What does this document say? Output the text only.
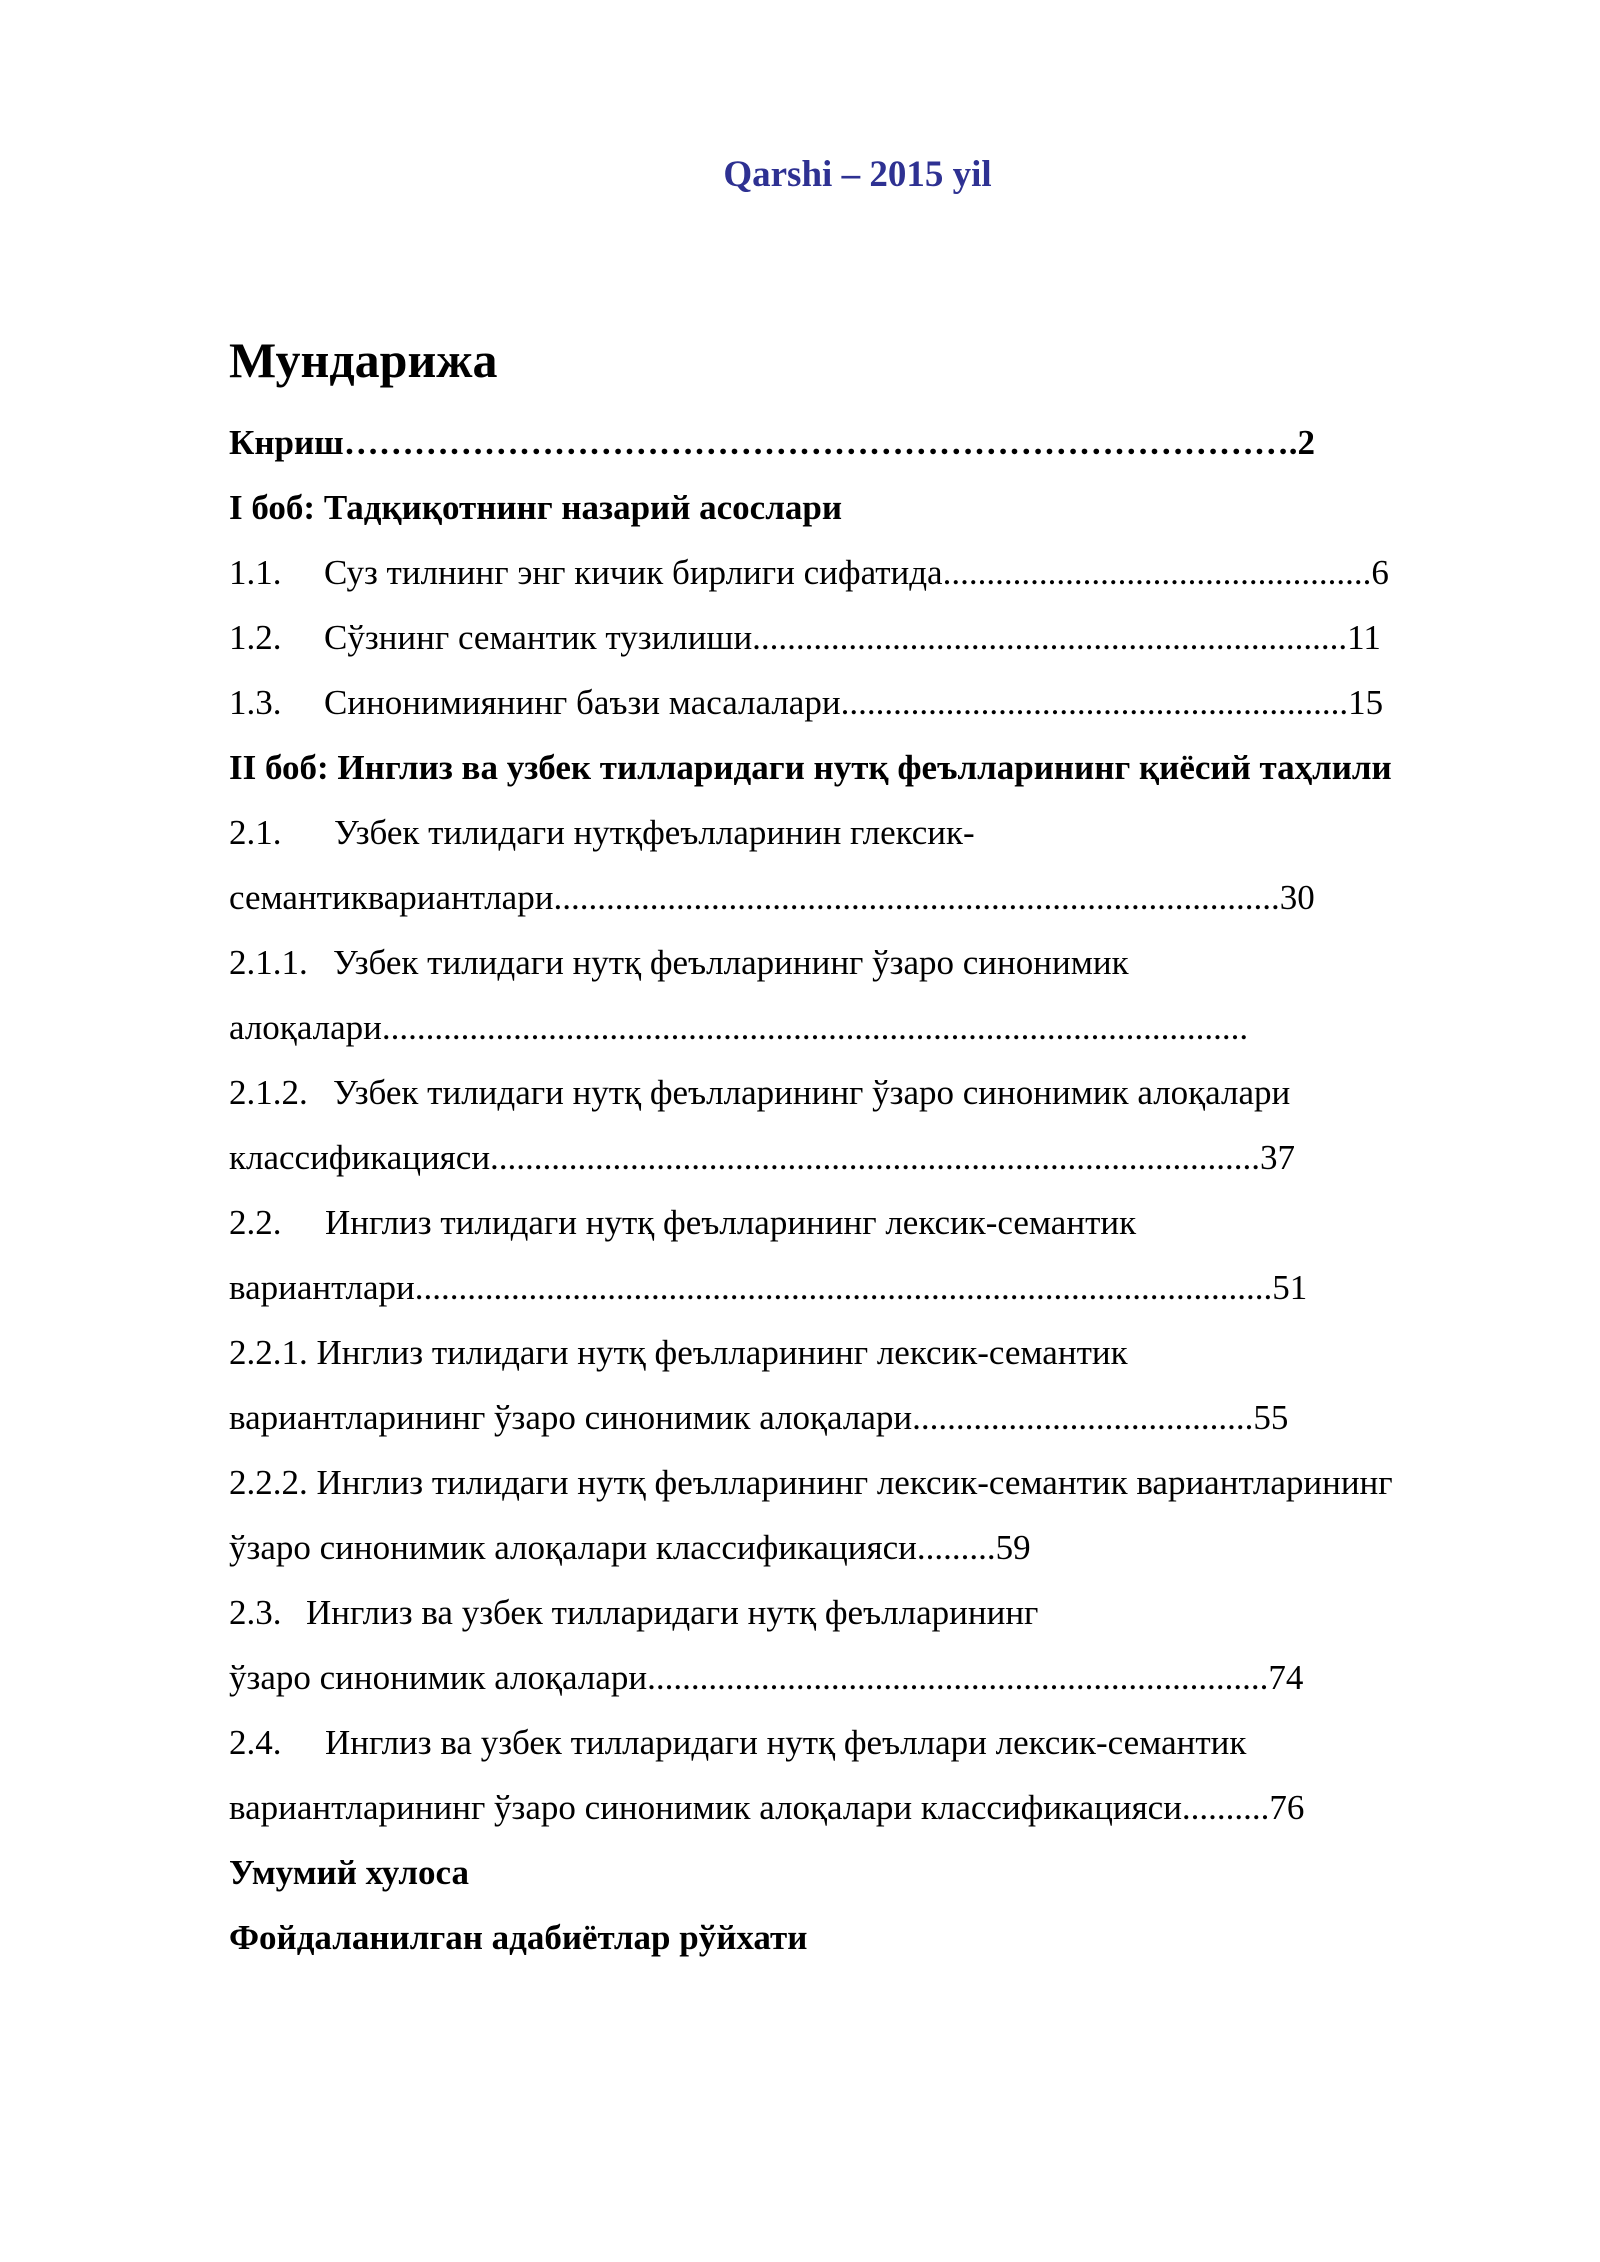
Qarshi – 2015 yil
Мундарижа
Кнриш……………………………………………………………………….2
I боб: Тадқиқотнинг назарий асослари
1.1. Суз тилнинг энг кичик бирлиги сифатида.................................................6
1.2. Сўзнинг семантик тузилиши....................................................................11
1.3. Синонимиянинг баъзи масалалари..........................................................15
II боб: Инглиз ва узбек тилларидаги нутқ феълларининг қиёсий таҳлили
2.1. Узбек тилидаги нутқфеълларинин глексик-
семантиквариантлари...................................................................................30
2.1.1. Узбек тилидаги нутқ феълларининг ўзаро синонимик
алоқалари...................................................................................................
2.1.2. Узбек тилидаги нутқ феълларининг ўзаро синонимик алоқалари
классификацияси........................................................................................37
2.2. Инглиз тилидаги нутқ феълларининг лексик-семантик
вариантлари..................................................................................................51
2.2.1. Инглиз тилидаги нутқ феълларининг лексик-семантик
вариантларининг ўзаро синонимик алоқалари.......................................55
2.2.2. Инглиз тилидаги нутқ феълларининг лексик-семантик вариантларининг
ўзаро синонимик алоқалари классификацияси.........59
2.3. Инглиз ва узбек тилларидаги нутқ феълларининг
ўзаро синонимик алоқалари.......................................................................74
2.4. Инглиз ва узбек тилларидаги нутқ феъллари лексик-семантик
вариантларининг ўзаро синонимик алоқалари классификацияси..........76
Умумий хулоса
Фойдаланилган адабиётлар рўйхати
